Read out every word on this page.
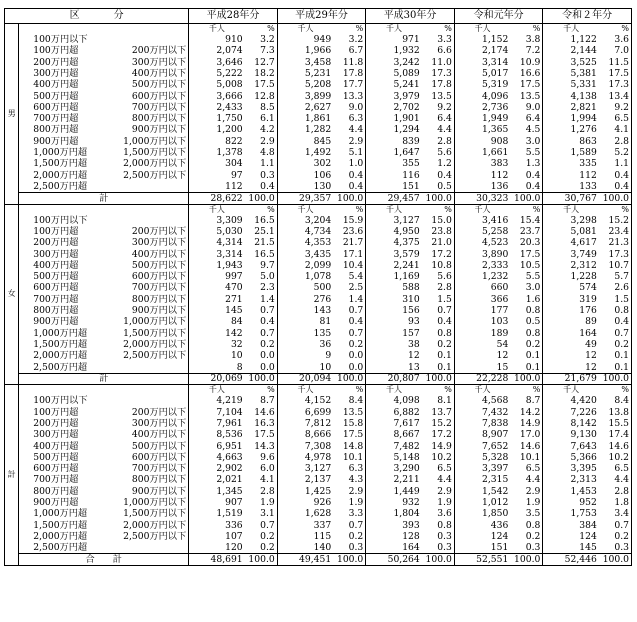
区分			平成28年分		平成29年分		平成30年分		令和元年分		令和２年分	
男			千人	%	千人	%	千人	%	千人	%	千人	%
	100万円以下		910	3.2	949	3.2	971	3.3	1,152	3.8	1,122	3.6
	100万円超	200万円以下	2,074	7.3	1,966	6.7	1,932	6.6	2,174	7.2	2,144	7.0
	200万円超	300万円以下	3,646	12.7	3,458	11.8	3,242	11.0	3,314	10.9	3,525	11.5
	300万円超	400万円以下	5,222	18.2	5,231	17.8	5,089	17.3	5,017	16.6	5,381	17.5
	400万円超	500万円以下	5,008	17.5	5,208	17.7	5,241	17.8	5,319	17.5	5,331	17.3
	500万円超	600万円以下	3,666	12.8	3,899	13.3	3,979	13.5	4,096	13.5	4,138	13.4
	600万円超	700万円以下	2,433	8.5	2,627	9.0	2,702	9.2	2,736	9.0	2,821	9.2
	700万円超	800万円以下	1,750	6.1	1,861	6.3	1,901	6.4	1,949	6.4	1,994	6.5
	800万円超	900万円以下	1,200	4.2	1,282	4.4	1,294	4.4	1,365	4.5	1,276	4.1
	900万円超	1,000万円以下	822	2.9	845	2.9	839	2.8	908	3.0	863	2.8
	1,000万円超	1,500万円以下	1,378	4.8	1,492	5.1	1,647	5.6	1,661	5.5	1,589	5.2
	1,500万円超	2,000万円以下	304	1.1	302	1.0	355	1.2	383	1.3	335	1.1
	2,000万円超	2,500万円以下	97	0.3	106	0.4	116	0.4	112	0.4	112	0.4
	2,500万円超		112	0.4	130	0.4	151	0.5	136	0.4	133	0.4
	計		28,622	100.0	29,357	100.0	29,457	100.0	30,323	100.0	30,767	100.0
女			千人	%	千人	%	千人	%	千人	%	千人	%
	100万円以下		3,309	16.5	3,204	15.9	3,127	15.0	3,416	15.4	3,298	15.2
	100万円超	200万円以下	5,030	25.1	4,734	23.6	4,950	23.8	5,258	23.7	5,081	23.4
	200万円超	300万円以下	4,314	21.5	4,353	21.7	4,375	21.0	4,523	20.3	4,617	21.3
	300万円超	400万円以下	3,314	16.5	3,435	17.1	3,579	17.2	3,890	17.5	3,749	17.3
	400万円超	500万円以下	1,943	9.7	2,099	10.4	2,241	10.8	2,333	10.5	2,312	10.7
	500万円超	600万円以下	997	5.0	1,078	5.4	1,169	5.6	1,232	5.5	1,228	5.7
	600万円超	700万円以下	470	2.3	500	2.5	588	2.8	660	3.0	574	2.6
	700万円超	800万円以下	271	1.4	276	1.4	310	1.5	366	1.6	319	1.5
	800万円超	900万円以下	145	0.7	143	0.7	156	0.7	177	0.8	176	0.8
	900万円超	1,000万円以下	84	0.4	81	0.4	93	0.4	103	0.5	89	0.4
	1,000万円超	1,500万円以下	142	0.7	135	0.7	157	0.8	189	0.8	164	0.7
	1,500万円超	2,000万円以下	32	0.2	36	0.2	38	0.2	54	0.2	49	0.2
	2,000万円超	2,500万円以下	10	0.0	9	0.0	12	0.1	12	0.1	12	0.1
	2,500万円超		8	0.0	10	0.0	13	0.1	15	0.1	12	0.1
	計		20,069	100.0	20,094	100.0	20,807	100.0	22,228	100.0	21,679	100.0
計			千人	%	千人	%	千人	%	千人	%	千人	%
	100万円以下		4,219	8.7	4,152	8.4	4,098	8.1	4,568	8.7	4,420	8.4
	100万円超	200万円以下	7,104	14.6	6,699	13.5	6,882	13.7	7,432	14.2	7,226	13.8
	200万円超	300万円以下	7,961	16.3	7,812	15.8	7,617	15.2	7,838	14.9	8,142	15.5
	300万円超	400万円以下	8,536	17.5	8,666	17.5	8,667	17.2	8,907	17.0	9,130	17.4
	400万円超	500万円以下	6,951	14.3	7,308	14.8	7,482	14.9	7,652	14.6	7,643	14.6
	500万円超	600万円以下	4,663	9.6	4,978	10.1	5,148	10.2	5,328	10.1	5,366	10.2
	600万円超	700万円以下	2,902	6.0	3,127	6.3	3,290	6.5	3,397	6.5	3,395	6.5
	700万円超	800万円以下	2,021	4.1	2,137	4.3	2,211	4.4	2,315	4.4	2,313	4.4
	800万円超	900万円以下	1,345	2.8	1,425	2.9	1,449	2.9	1,542	2.9	1,453	2.8
	900万円超	1,000万円以下	907	1.9	926	1.9	932	1.9	1,012	1.9	952	1.8
	1,000万円超	1,500万円以下	1,519	3.1	1,628	3.3	1,804	3.6	1,850	3.5	1,753	3.4
	1,500万円超	2,000万円以下	336	0.7	337	0.7	393	0.8	436	0.8	384	0.7
	2,000万円超	2,500万円以下	107	0.2	115	0.2	128	0.3	124	0.2	124	0.2
	2,500万円超		120	0.2	140	0.3	164	0.3	151	0.3	145	0.3
	合計		48,691	100.0	49,451	100.0	50,264	100.0	52,551	100.0	52,446	100.0
